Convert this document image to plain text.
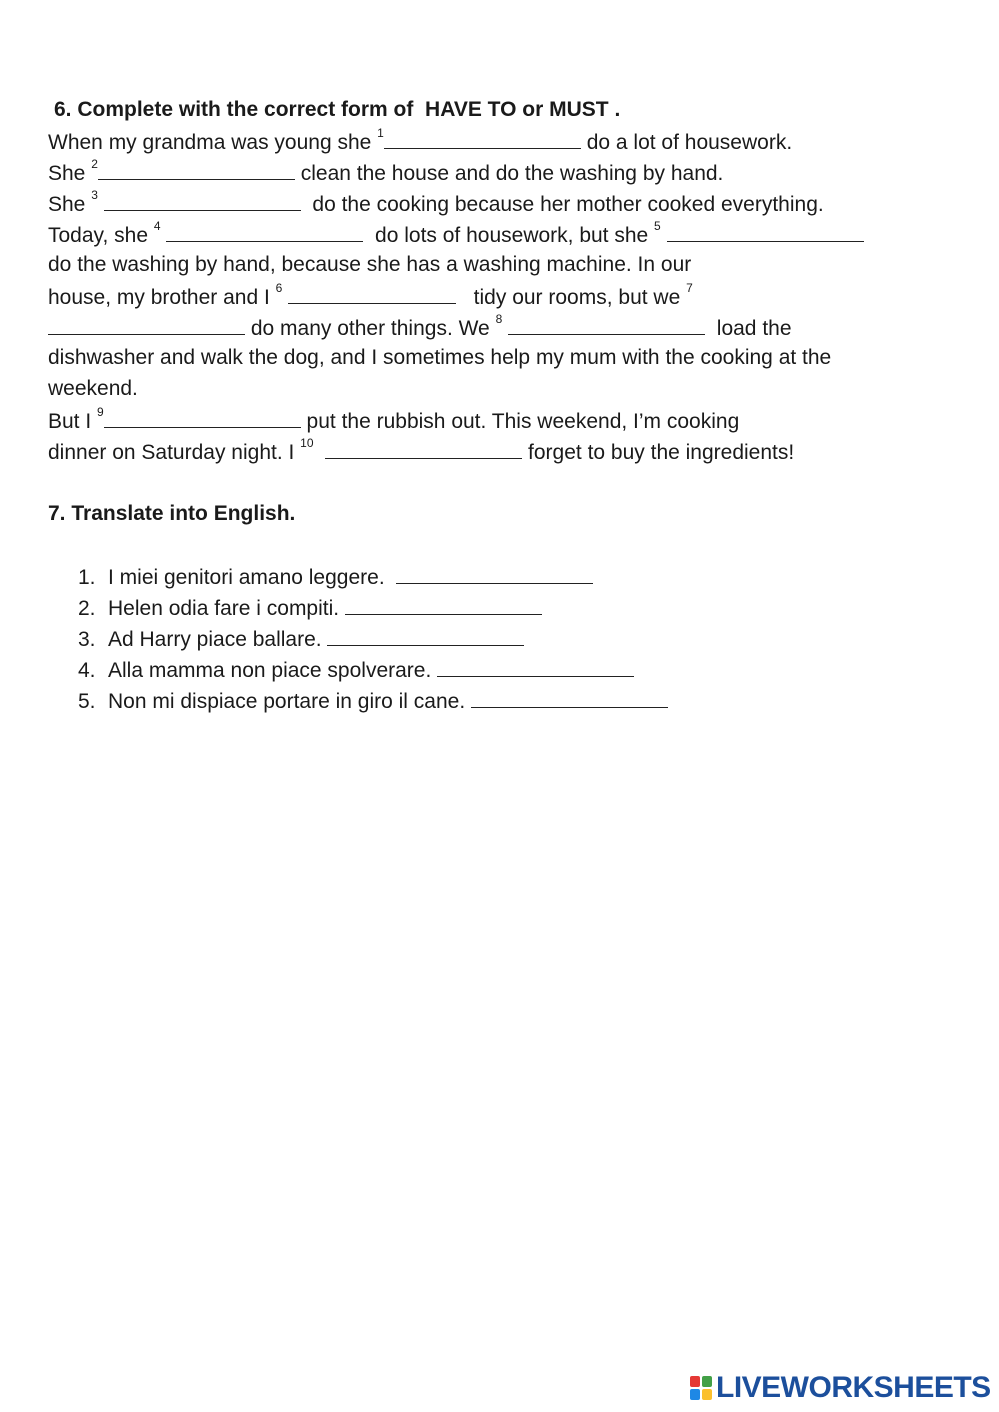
6. Complete with the correct form of  HAVE TO or MUST .
When my grandma was young she $^1$	do a lot of housework.
She $^2$	clean the house and do the washing by hand.
She $^3$	do the cooking because her mother cooked everything.
Today, she $^4$	do lots of housework, but she $^5$
do the washing by hand, because she has a washing machine. In our
house, my brother and I $^6$	tidy our rooms, but we $^7$
do many other things. We $^8$	load the
dishwasher and walk the dog, and I sometimes help my mum with the cooking at the
weekend.
But I $^9$	put the rubbish out. This weekend, I’m cooking
dinner on Saturday night. I $^{10}$	forget to buy the ingredients!
7. Translate into English.
1. I miei genitori amano leggere.
2. Helen odia fare i compiti.
3. Ad Harry piace ballare.
4. Alla mamma non piace spolverare.
5. Non mi dispiace portare in giro il cane.
LIVEWORKSHEETS
